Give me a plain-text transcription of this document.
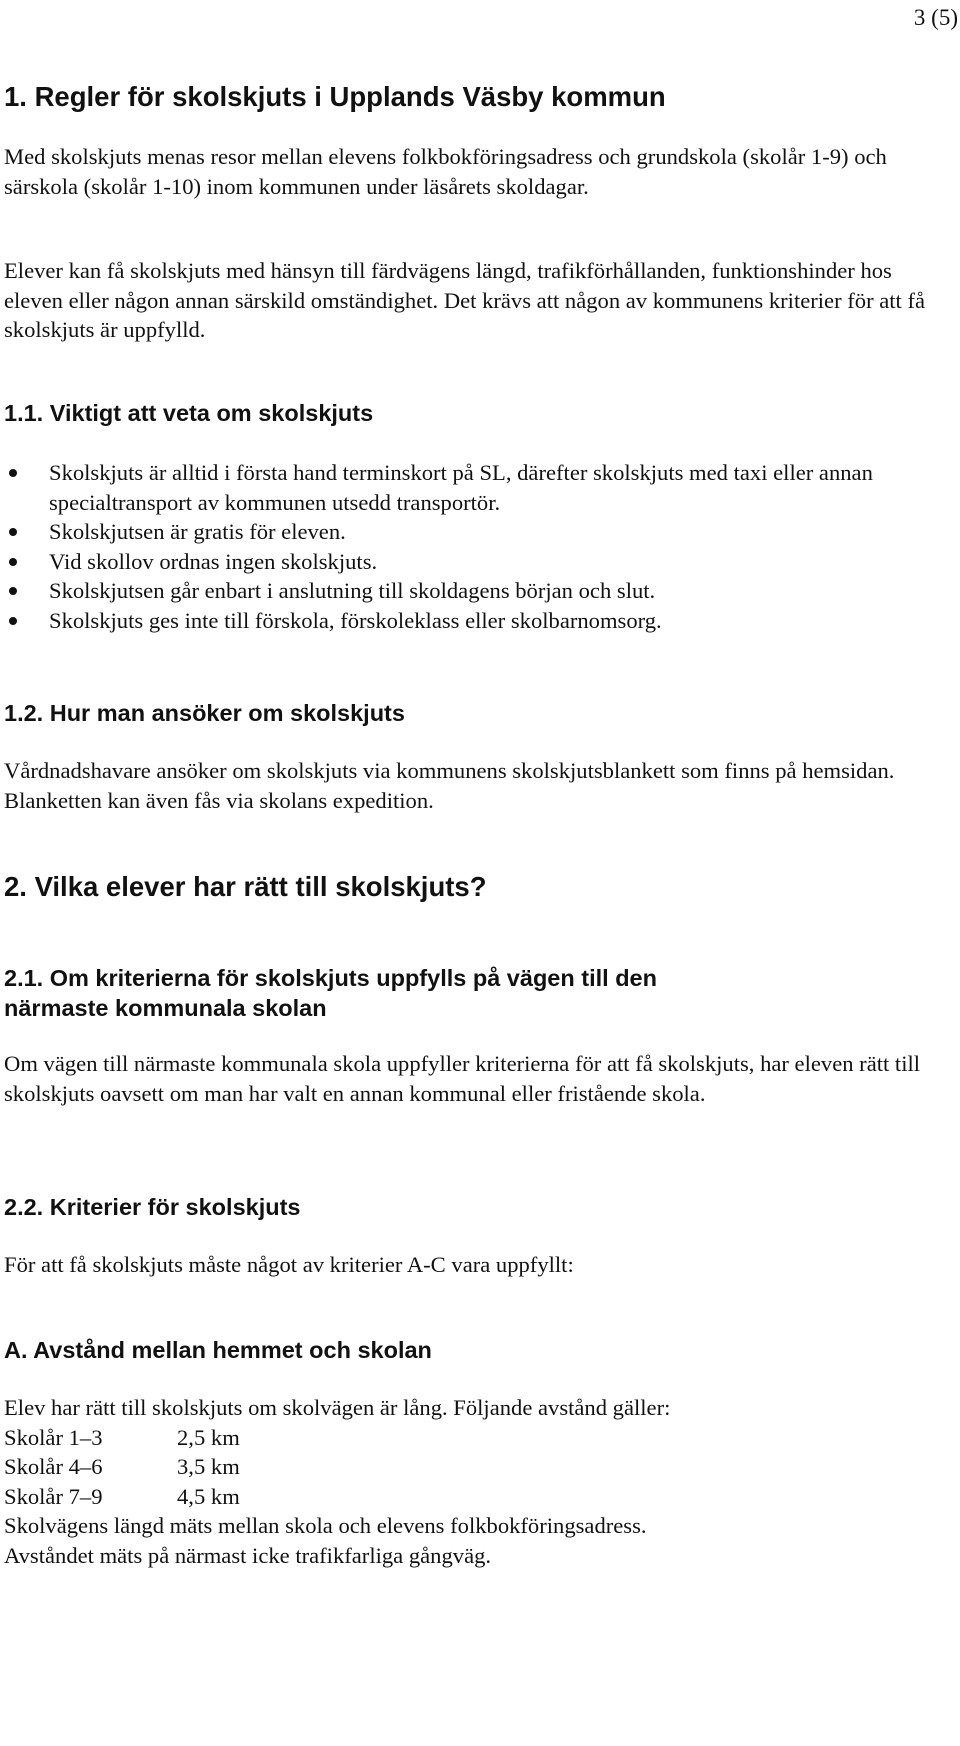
3 (5)
1. Regler för skolskjuts i Upplands Väsby kommun

Med skolskjuts menas resor mellan elevens folkbokföringsadress och grundskola (skolår 1-9) och särskola (skolår 1-10) inom kommunen under läsårets skoldagar.

Elever kan få skolskjuts med hänsyn till färdvägens längd, trafikförhållanden, funktionshinder hos eleven eller någon annan särskild omständighet. Det krävs att någon av kommunens kriterier för att få skolskjuts är uppfylld.

1.1. Viktigt att veta om skolskjuts
Skolskjuts är alltid i första hand terminskort på SL, därefter skolskjuts med taxi eller annan specialtransport av kommunen utsedd transportör.
Skolskjutsen är gratis för eleven.
Vid skollov ordnas ingen skolskjuts.
Skolskjutsen går enbart i anslutning till skoldagens början och slut.
Skolskjuts ges inte till förskola, förskoleklass eller skolbarnomsorg.
1.2. Hur man ansöker om skolskjuts

Vårdnadshavare ansöker om skolskjuts via kommunens skolskjutsblankett som finns på hemsidan. Blanketten kan även fås via skolans expedition.

2. Vilka elever har rätt till skolskjuts?
2.1. Om kriterierna för skolskjuts uppfylls på vägen till den
närmaste kommunala skolan

Om vägen till närmaste kommunala skola uppfyller kriterierna för att få skolskjuts, har eleven rätt till skolskjuts oavsett om man har valt en annan kommunal eller fristående skola.

2.2. Kriterier för skolskjuts

För att få skolskjuts måste något av kriterier A-C vara uppfyllt:

A. Avstånd mellan hemmet och skolan
Elev har rätt till skolskjuts om skolvägen är lång. Följande avstånd gäller:
Skolår 1–3	2,5 km
Skolår 4–6	3,5 km
Skolår 7–9	4,5 km
Skolvägens längd mäts mellan skola och elevens folkbokföringsadress.
Avståndet mäts på närmast icke trafikfarliga gångväg.
